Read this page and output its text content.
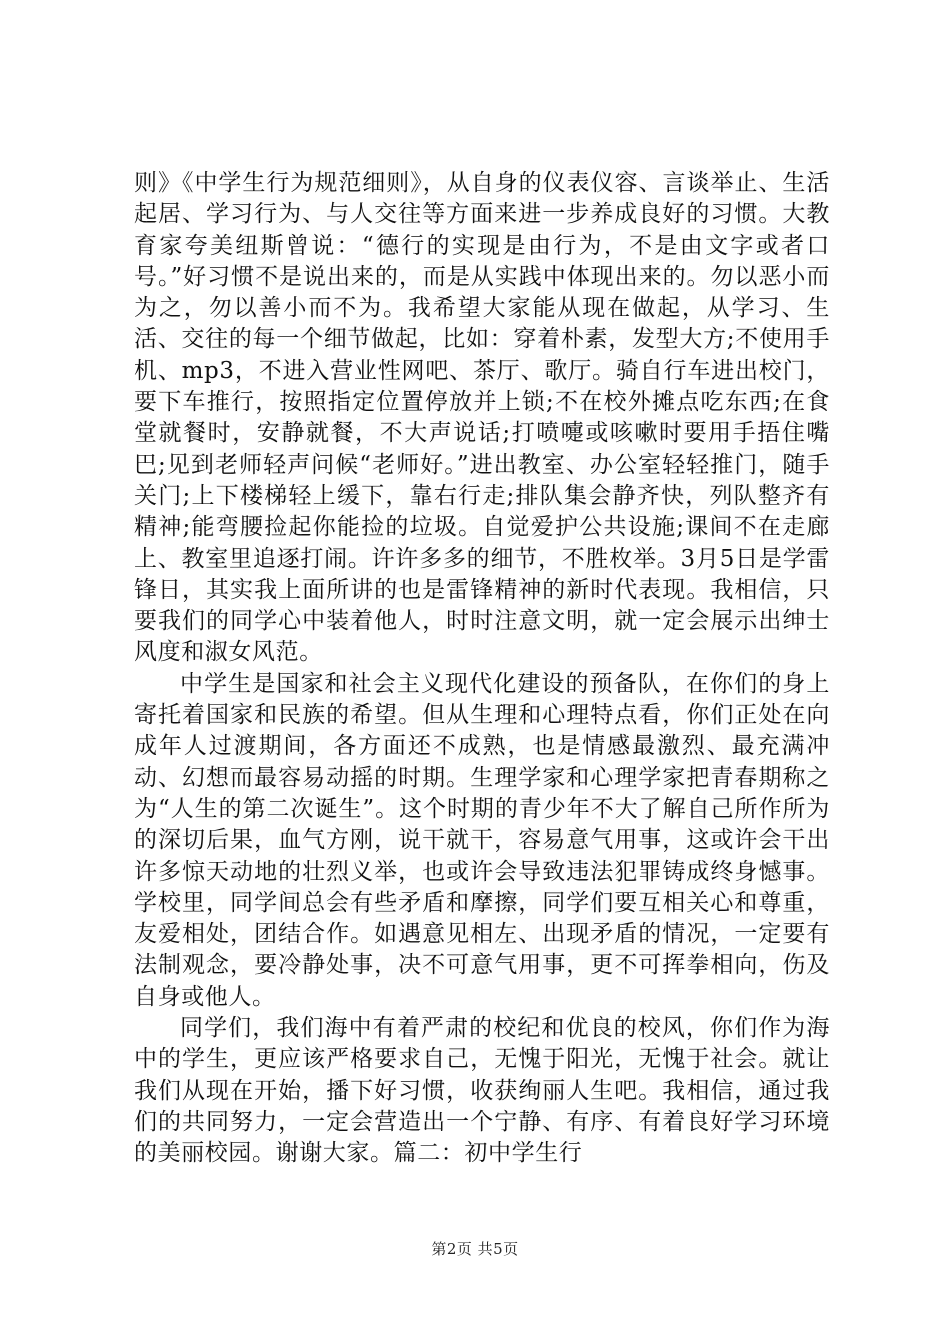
则》《中学生行为规范细则》，从自身的仪表仪容、言谈举止、生活起居、学习行为、与人交往等方面来进一步养成良好的习惯。大教育家夸美纽斯曾说：“德行的实现是由行为，不是由文字或者口号。”好习惯不是说出来的，而是从实践中体现出来的。勿以恶小而为之，勿以善小而不为。我希望大家能从现在做起，从学习、生活、交往的每一个细节做起，比如：穿着朴素，发型大方;不使用手机、mp3，不进入营业性网吧、茶厅、歌厅。骑自行车进出校门，要下车推行，按照指定位置停放并上锁;不在校外摊点吃东西;在食堂就餐时，安静就餐，不大声说话;打喷嚏或咳嗽时要用手捂住嘴巴;见到老师轻声问候“老师好。”进出教室、办公室轻轻推门，随手关门;上下楼梯轻上缓下，靠右行走;排队集会静齐快，列队整齐有精神;能弯腰捡起你能捡的垃圾。自觉爱护公共设施;课间不在走廊上、教室里追逐打闹。许许多多的细节，不胜枚举。3月5日是学雷锋日，其实我上面所讲的也是雷锋精神的新时代表现。我相信，只要我们的同学心中装着他人，时时注意文明，就一定会展示出绅士风度和淑女风范。

中学生是国家和社会主义现代化建设的预备队，在你们的身上寄托着国家和民族的希望。但从生理和心理特点看，你们正处在向成年人过渡期间，各方面还不成熟，也是情感最激烈、最充满冲动、幻想而最容易动摇的时期。生理学家和心理学家把青春期称之为“人生的第二次诞生”。这个时期的青少年不大了解自己所作所为的深切后果，血气方刚，说干就干，容易意气用事，这或许会干出许多惊天动地的壮烈义举，也或许会导致违法犯罪铸成终身憾事。学校里，同学间总会有些矛盾和摩擦，同学们要互相关心和尊重，友爱相处，团结合作。如遇意见相左、出现矛盾的情况，一定要有法制观念，要冷静处事，决不可意气用事，更不可挥拳相向，伤及自身或他人。

同学们，我们海中有着严肃的校纪和优良的校风，你们作为海中的学生，更应该严格要求自己，无愧于阳光，无愧于社会。就让我们从现在开始，播下好习惯，收获绚丽人生吧。我相信，通过我们的共同努力，一定会营造出一个宁静、有序、有着良好学习环境的美丽校园。谢谢大家。篇二：初中学生行

第2页 共5页
